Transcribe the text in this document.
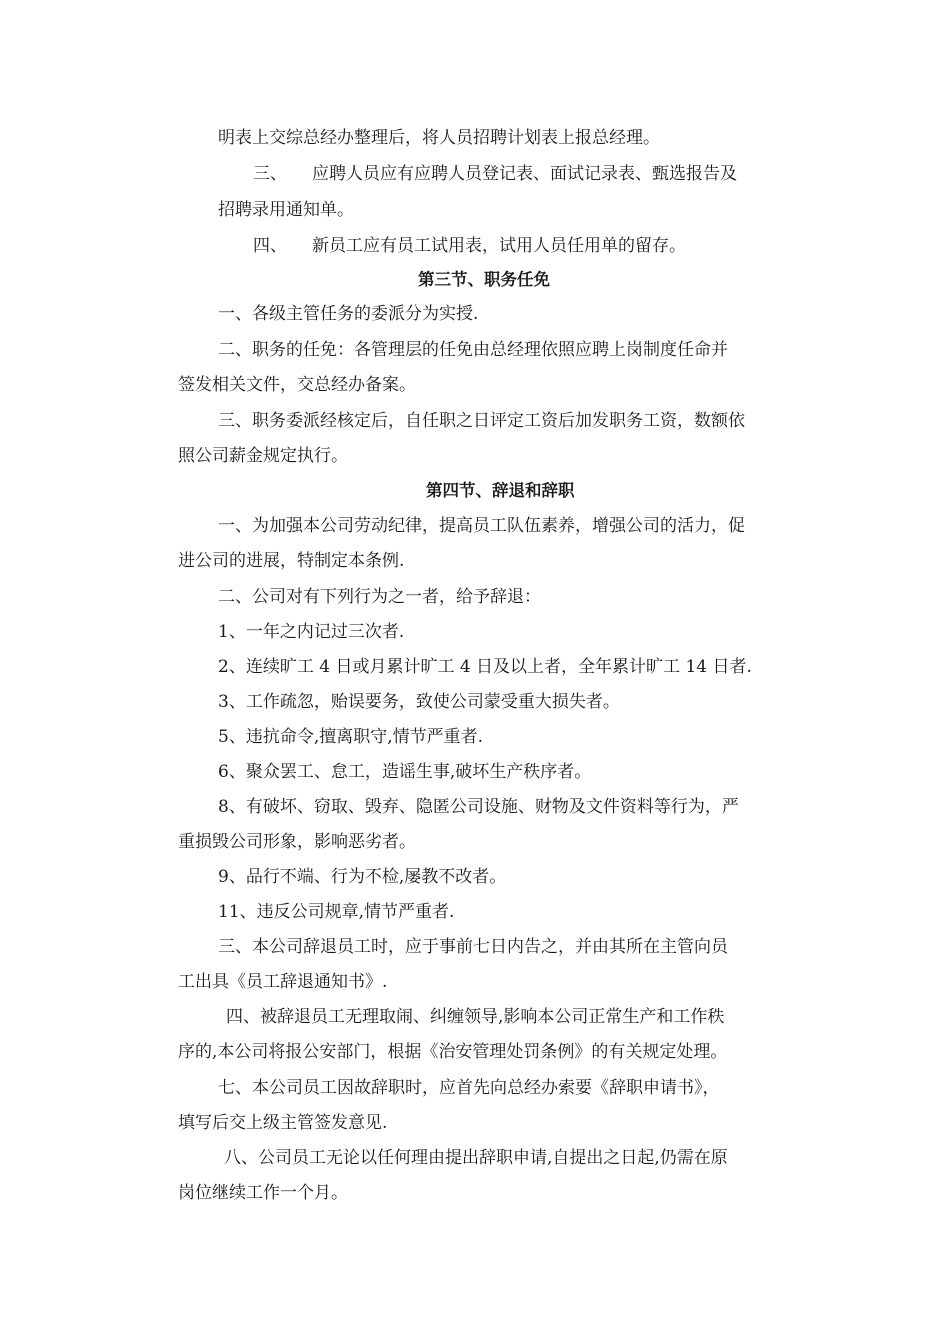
明表上交综总经办整理后，将人员招聘计划表上报总经理。
三、 应聘人员应有应聘人员登记表、面试记录表、甄选报告及
招聘录用通知单。
四、 新员工应有员工试用表，试用人员任用单的留存。
第三节、职务任免
一、各级主管任务的委派分为实授.
二、职务的任免：各管理层的任免由总经理依照应聘上岗制度任命并
签发相关文件，交总经办备案。
三、职务委派经核定后，自任职之日评定工资后加发职务工资，数额依
照公司薪金规定执行。
第四节、辞退和辞职
一、为加强本公司劳动纪律，提高员工队伍素养，增强公司的活力，促
进公司的进展，特制定本条例.
二、公司对有下列行为之一者，给予辞退：
1、一年之内记过三次者.
2、连续旷工 4 日或月累计旷工 4 日及以上者，全年累计旷工 14 日者.
3、工作疏忽，贻误要务，致使公司蒙受重大损失者。
5、违抗命令,擅离职守,情节严重者.
6、聚众罢工、怠工，造谣生事,破坏生产秩序者。
8、有破坏、窃取、毁弃、隐匿公司设施、财物及文件资料等行为，严
重损毁公司形象，影响恶劣者。
9、品行不端、行为不检,屡教不改者。
11、违反公司规章,情节严重者.
三、本公司辞退员工时，应于事前七日内告之，并由其所在主管向员
工出具《员工辞退通知书》.
四、被辞退员工无理取闹、纠缠领导,影响本公司正常生产和工作秩
序的,本公司将报公安部门，根据《治安管理处罚条例》的有关规定处理。
七、本公司员工因故辞职时，应首先向总经办索要《辞职申请书》，
填写后交上级主管签发意见.
八、公司员工无论以任何理由提出辞职申请,自提出之日起,仍需在原
岗位继续工作一个月。
